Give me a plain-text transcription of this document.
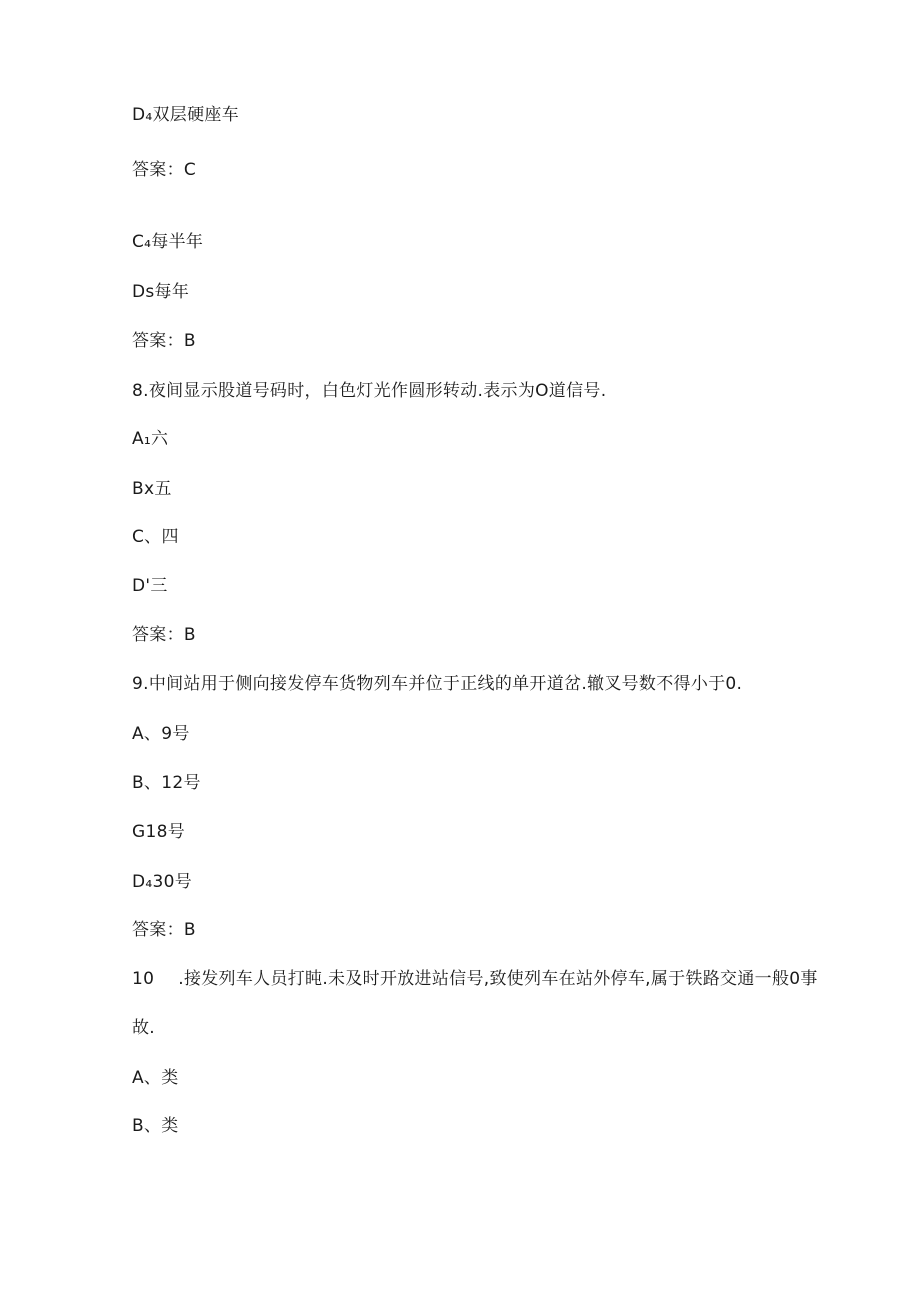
D₄双层硬座车
答案：C
C₄每半年
Ds每年
答案：B
8.夜间显示股道号码时，白色灯光作圆形转动.表示为O道信号.
A₁六
Bx五
C、四
D'三
答案：B
9.中间站用于侧向接发停车货物列车并位于正线的单开道岔.辙叉号数不得小于0.
A、9号
B、12号
G18号
D₄30号
答案：B
10 .接发列车人员打盹.未及时开放进站信号,致使列车在站外停车,属于铁路交通一般0事
故.
A、类
B、类
